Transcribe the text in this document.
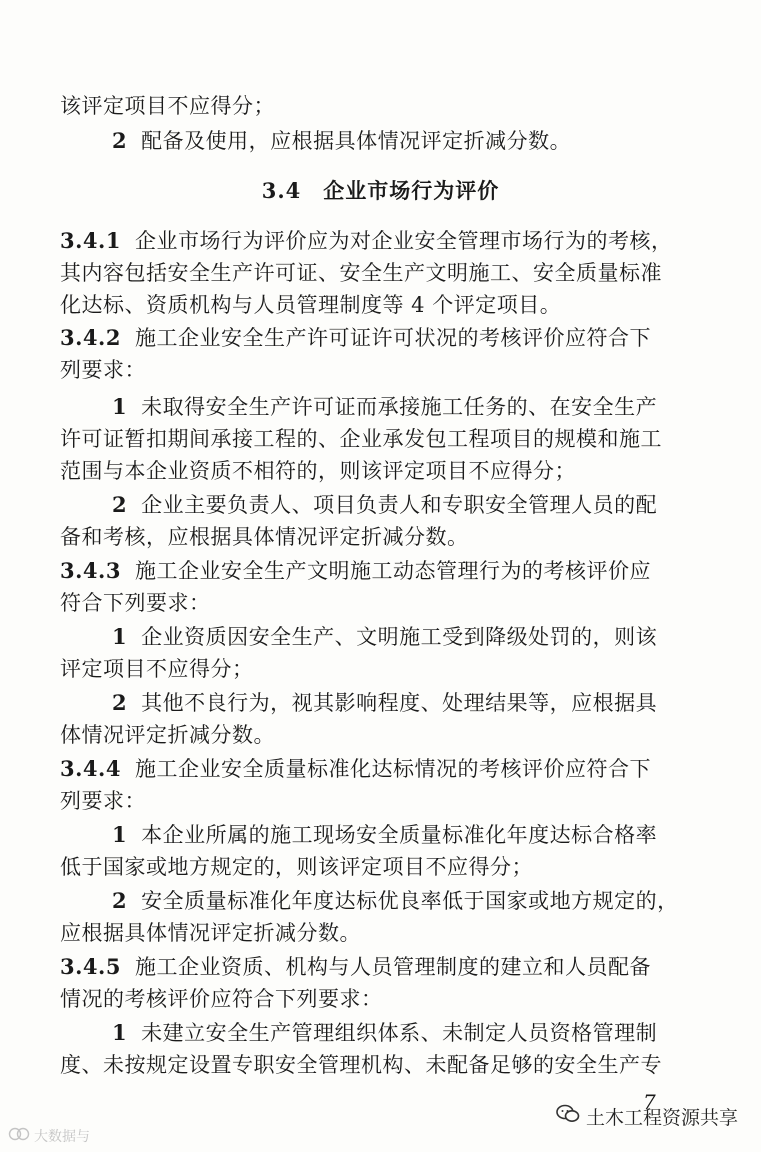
该评定项目不应得分；
2 配备及使用，应根据具体情况评定折减分数。
3.4 企业市场行为评价
3.4.1 企业市场行为评价应为对企业安全管理市场行为的考核，
其内容包括安全生产许可证、安全生产文明施工、安全质量标准
化达标、资质机构与人员管理制度等 4 个评定项目。
3.4.2 施工企业安全生产许可证许可状况的考核评价应符合下
列要求：
1 未取得安全生产许可证而承接施工任务的、在安全生产
许可证暂扣期间承接工程的、企业承发包工程项目的规模和施工
范围与本企业资质不相符的，则该评定项目不应得分；
2 企业主要负责人、项目负责人和专职安全管理人员的配
备和考核，应根据具体情况评定折减分数。
3.4.3 施工企业安全生产文明施工动态管理行为的考核评价应
符合下列要求：
1 企业资质因安全生产、文明施工受到降级处罚的，则该
评定项目不应得分；
2 其他不良行为，视其影响程度、处理结果等，应根据具
体情况评定折减分数。
3.4.4 施工企业安全质量标准化达标情况的考核评价应符合下
列要求：
1 本企业所属的施工现场安全质量标准化年度达标合格率
低于国家或地方规定的，则该评定项目不应得分；
2 安全质量标准化年度达标优良率低于国家或地方规定的，
应根据具体情况评定折减分数。
3.4.5 施工企业资质、机构与人员管理制度的建立和人员配备
情况的考核评价应符合下列要求：
1 未建立安全生产管理组织体系、未制定人员资格管理制
度、未按规定设置专职安全管理机构、未配备足够的安全生产专
7
土木工程资源共享
大数据与
